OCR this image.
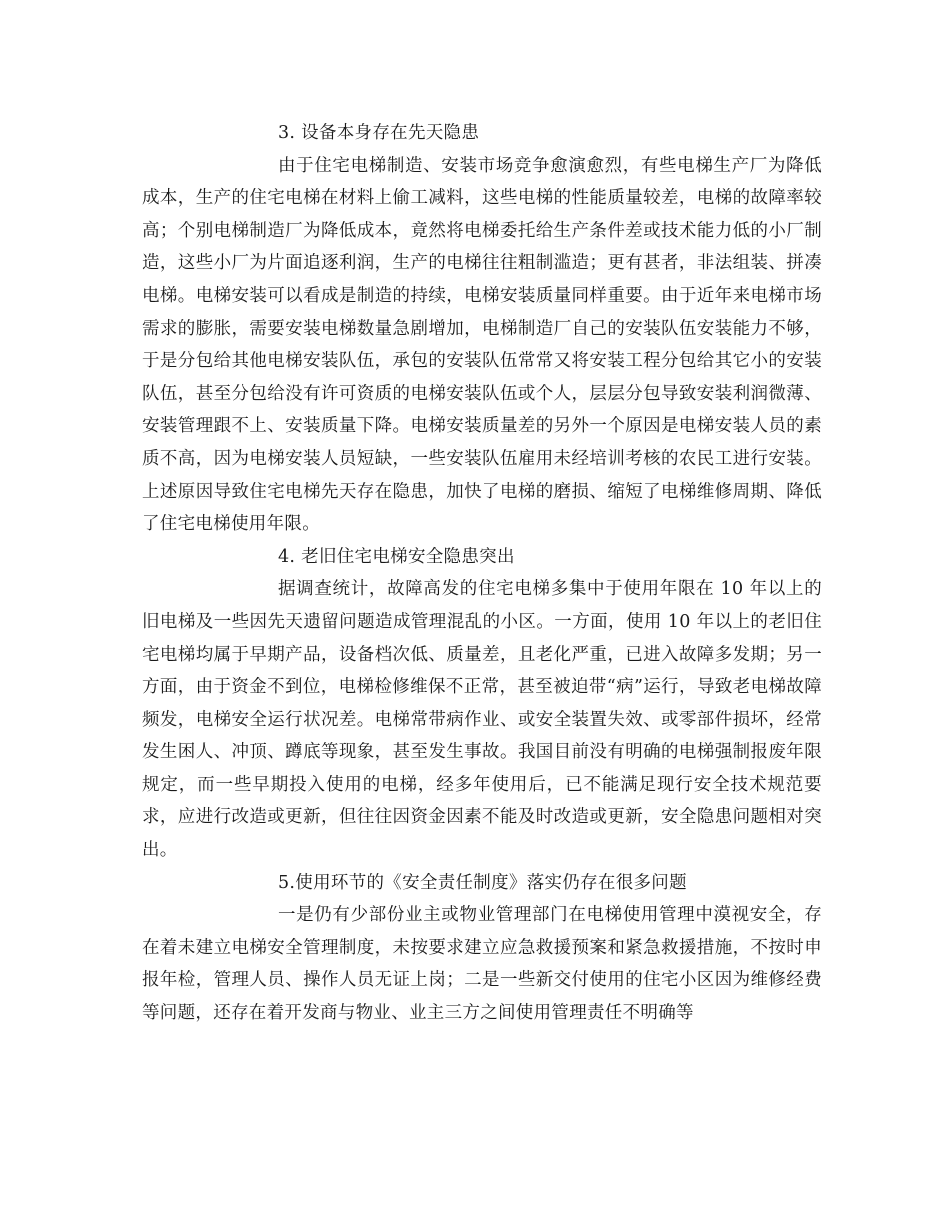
3. 设备本身存在先天隐患

由于住宅电梯制造、安装市场竞争愈演愈烈，有些电梯生产厂为降低成本，生产的住宅电梯在材料上偷工减料，这些电梯的性能质量较差，电梯的故障率较高；个别电梯制造厂为降低成本，竟然将电梯委托给生产条件差或技术能力低的小厂制造，这些小厂为片面追逐利润，生产的电梯往往粗制滥造；更有甚者，非法组装、拼凑电梯。电梯安装可以看成是制造的持续，电梯安装质量同样重要。由于近年来电梯市场需求的膨胀，需要安装电梯数量急剧增加，电梯制造厂自己的安装队伍安装能力不够，于是分包给其他电梯安装队伍，承包的安装队伍常常又将安装工程分包给其它小的安装队伍，甚至分包给没有许可资质的电梯安装队伍或个人，层层分包导致安装利润微薄、安装管理跟不上、安装质量下降。电梯安装质量差的另外一个原因是电梯安装人员的素质不高，因为电梯安装人员短缺，一些安装队伍雇用未经培训考核的农民工进行安装。上述原因导致住宅电梯先天存在隐患，加快了电梯的磨损、缩短了电梯维修周期、降低了住宅电梯使用年限。

4. 老旧住宅电梯安全隐患突出

据调查统计，故障高发的住宅电梯多集中于使用年限在 10 年以上的旧电梯及一些因先天遗留问题造成管理混乱的小区。一方面，使用 10 年以上的老旧住宅电梯均属于早期产品，设备档次低、质量差，且老化严重，已进入故障多发期；另一方面，由于资金不到位，电梯检修维保不正常，甚至被迫带“病”运行，导致老电梯故障频发，电梯安全运行状况差。电梯常带病作业、或安全装置失效、或零部件损坏，经常发生困人、冲顶、蹲底等现象，甚至发生事故。我国目前没有明确的电梯强制报废年限规定，而一些早期投入使用的电梯，经多年使用后，已不能满足现行安全技术规范要求，应进行改造或更新，但往往因资金因素不能及时改造或更新，安全隐患问题相对突出。

5.使用环节的《安全责任制度》落实仍存在很多问题

一是仍有少部份业主或物业管理部门在电梯使用管理中漠视安全，存在着未建立电梯安全管理制度，未按要求建立应急救援预案和紧急救援措施，不按时申报年检，管理人员、操作人员无证上岗；二是一些新交付使用的住宅小区因为维修经费等问题，还存在着开发商与物业、业主三方之间使用管理责任不明确等
